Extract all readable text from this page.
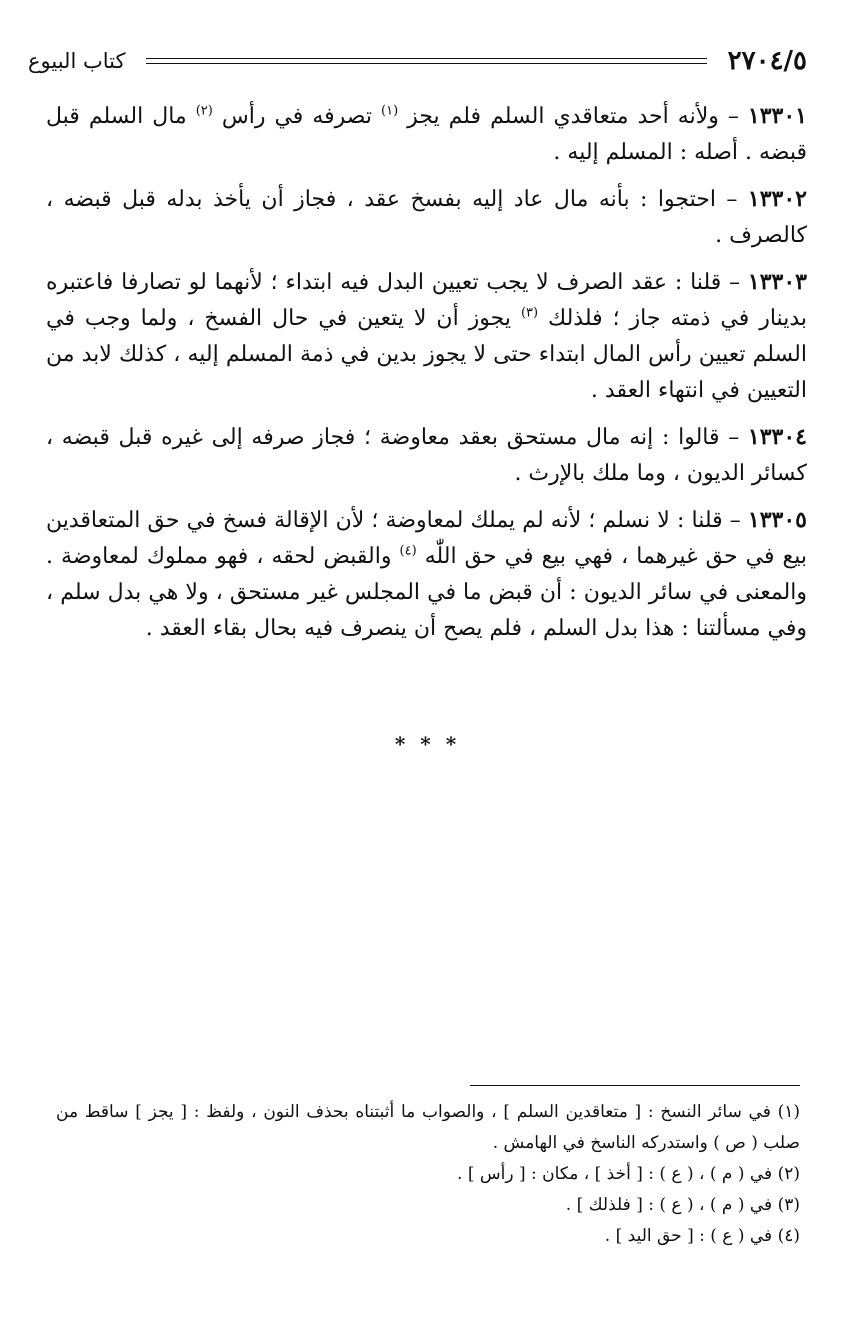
٢٧٠٤/٥
كتاب البيوع

١٣٣٠١ – ولأنه أحد متعاقدي السلم فلم يجز $^{(١)}$ تصرفه في رأس $^{(٢)}$ مال السلم قبل قبضه . أصله : المسلم إليه .

١٣٣٠٢ – احتجوا : بأنه مال عاد إليه بفسخ عقد ، فجاز أن يأخذ بدله قبل قبضه ، كالصرف .

١٣٣٠٣ – قلنا : عقد الصرف لا يجب تعيين البدل فيه ابتداء ؛ لأنهما لو تصارفا فاعتبره بدينار في ذمته جاز ؛ فلذلك $^{(٣)}$ يجوز أن لا يتعين في حال الفسخ ، ولما وجب في السلم تعيين رأس المال ابتداء حتى لا يجوز بدين في ذمة المسلم إليه ، كذلك لابد من التعيين في انتهاء العقد .

١٣٣٠٤ – قالوا : إنه مال مستحق بعقد معاوضة ؛ فجاز صرفه إلى غيره قبل قبضه ، كسائر الديون ، وما ملك بالإرث .

١٣٣٠٥ – قلنا : لا نسلم ؛ لأنه لم يملك لمعاوضة ؛ لأن الإقالة فسخ في حق المتعاقدين بيع في حق غيرهما ، فهي بيع في حق اللّٰه $^{(٤)}$ والقبض لحقه ، فهو مملوك لمعاوضة . والمعنى في سائر الديون : أن قبض ما في المجلس غير مستحق ، ولا هي بدل سلم ، وفي مسألتنا : هذا بدل السلم ، فلم يصح أن ينصرف فيه بحال بقاء العقد .

* * *

(١) في سائر النسخ : [ متعاقدين السلم ] ، والصواب ما أثبتناه بحذف النون ، ولفظ : [ يجز ] ساقط من صلب ( ص ) واستدركه الناسخ في الهامش .

(٢) في ( م ) ، ( ع ) : [ أخذ ] ، مكان : [ رأس ] .

(٣) في ( م ) ، ( ع ) : [ فلذلك ] .

(٤) في ( ع ) : [ حق اليد ] .
